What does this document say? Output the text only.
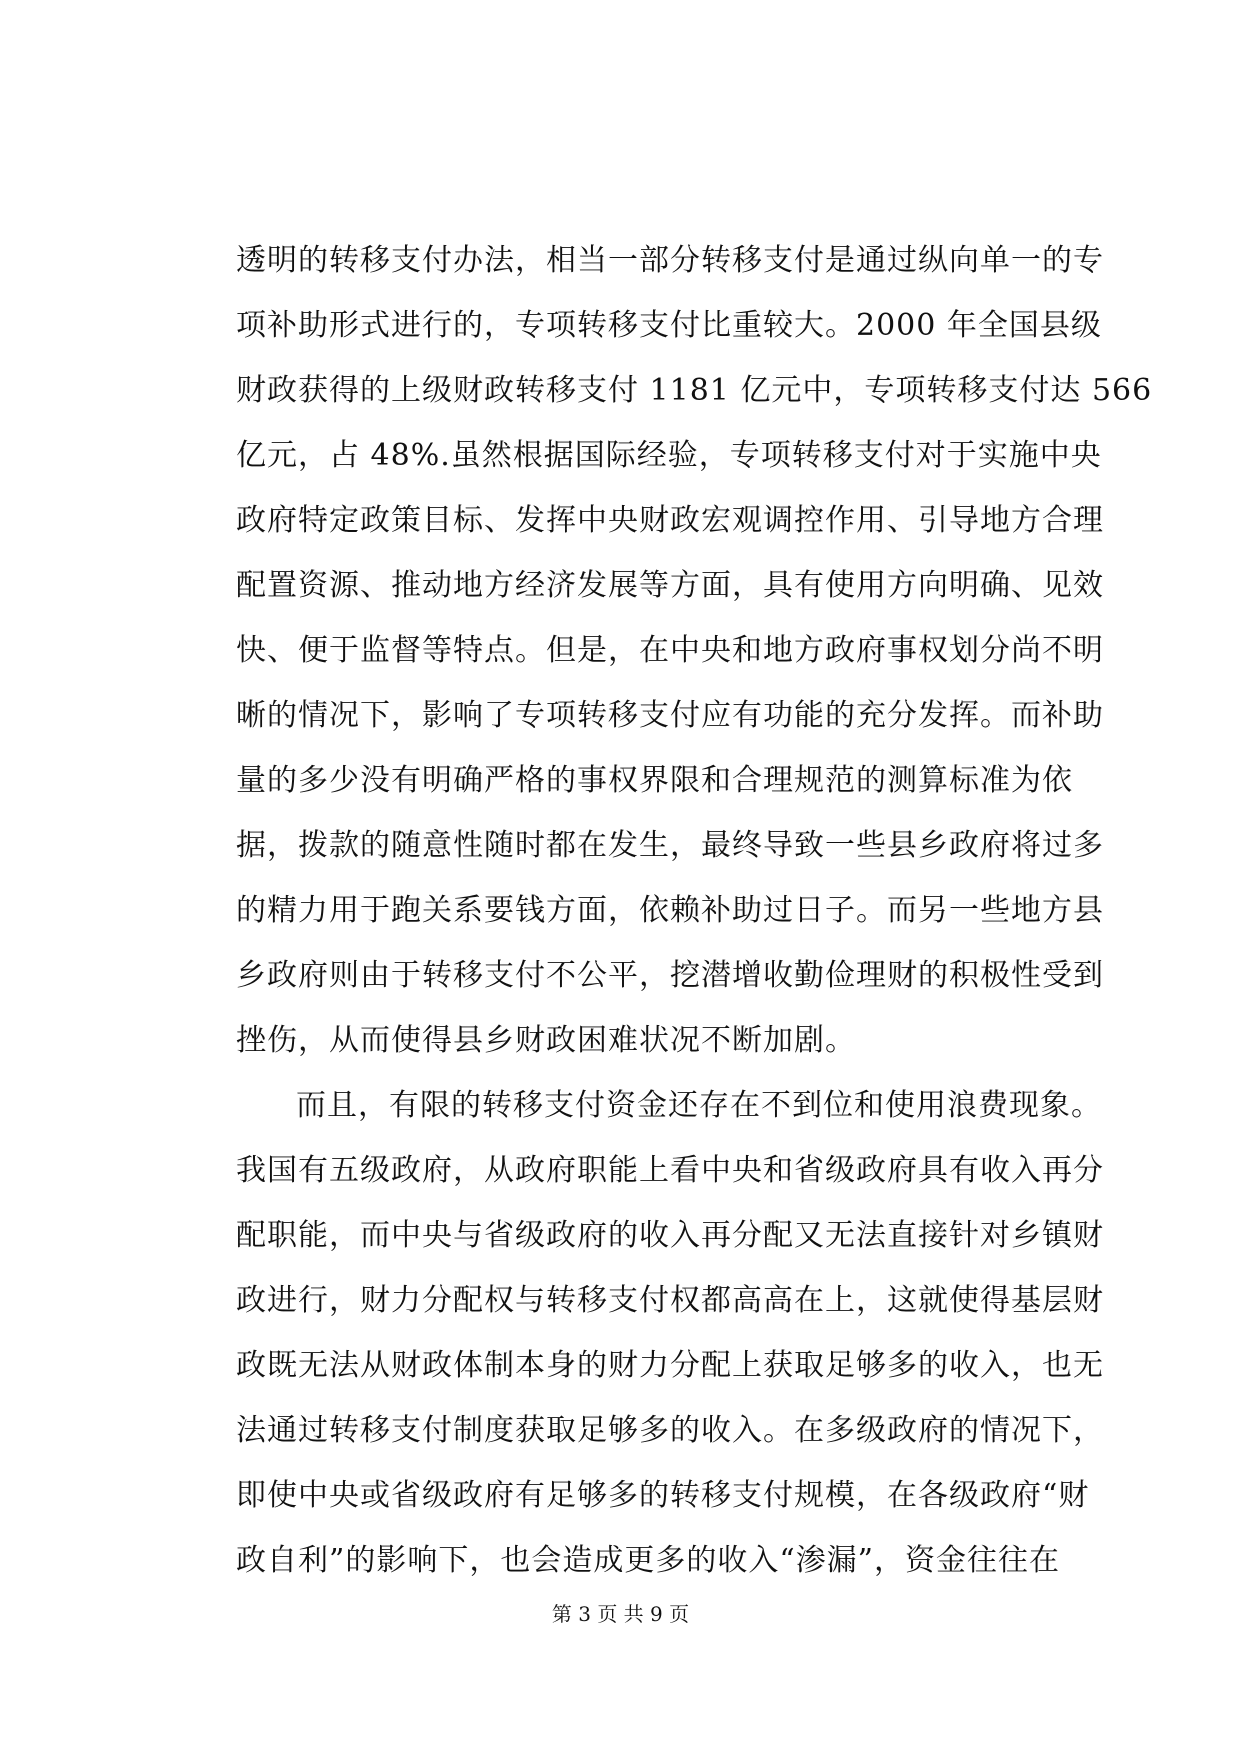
透明的转移支付办法，相当一部分转移支付是通过纵向单一的专
项补助形式进行的，专项转移支付比重较大。2000 年全国县级
财政获得的上级财政转移支付 1181 亿元中，专项转移支付达 566
亿元，占 48%.虽然根据国际经验，专项转移支付对于实施中央
政府特定政策目标、发挥中央财政宏观调控作用、引导地方合理
配置资源、推动地方经济发展等方面，具有使用方向明确、见效
快、便于监督等特点。但是，在中央和地方政府事权划分尚不明
晰的情况下，影响了专项转移支付应有功能的充分发挥。而补助
量的多少没有明确严格的事权界限和合理规范的测算标准为依
据，拨款的随意性随时都在发生，最终导致一些县乡政府将过多
的精力用于跑关系要钱方面，依赖补助过日子。而另一些地方县
乡政府则由于转移支付不公平，挖潜增收勤俭理财的积极性受到
挫伤，从而使得县乡财政困难状况不断加剧。
而且，有限的转移支付资金还存在不到位和使用浪费现象。
我国有五级政府，从政府职能上看中央和省级政府具有收入再分
配职能，而中央与省级政府的收入再分配又无法直接针对乡镇财
政进行，财力分配权与转移支付权都高高在上，这就使得基层财
政既无法从财政体制本身的财力分配上获取足够多的收入，也无
法通过转移支付制度获取足够多的收入。在多级政府的情况下，
即使中央或省级政府有足够多的转移支付规模，在各级政府“财
政自利”的影响下，也会造成更多的收入“渗漏”，资金往往在
第 3 页 共 9 页
